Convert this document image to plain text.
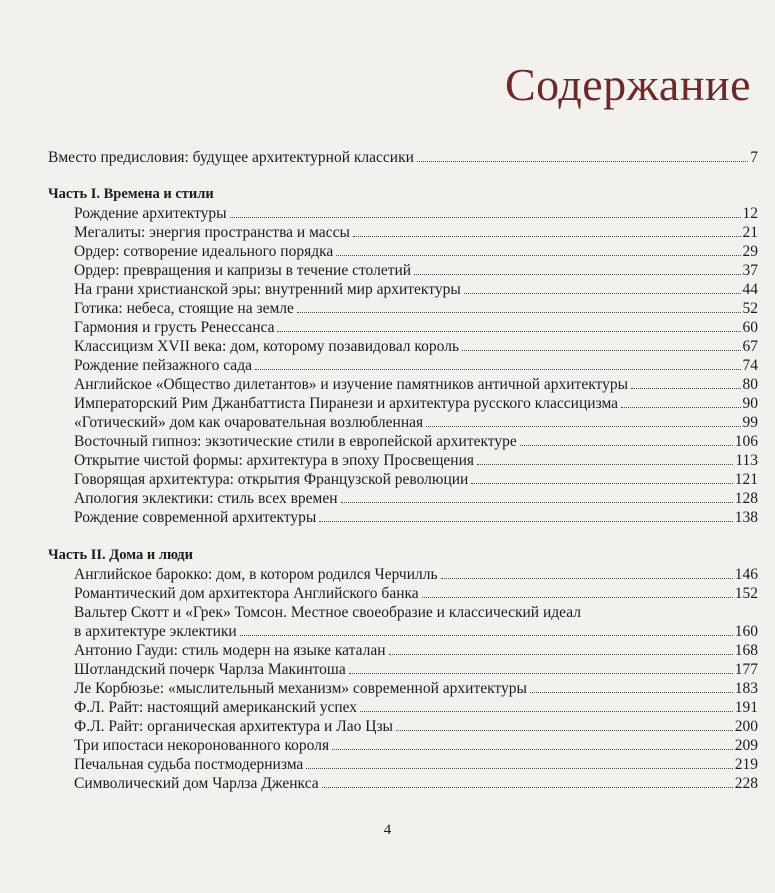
Содержание
Вместо предисловия: будущее архитектурной классики	7
Часть I. Времена и стили
Рождение архитектуры	12
Мегалиты: энергия пространства и массы	21
Ордер: сотворение идеального порядка	29
Ордер: превращения и капризы в течение столетий	37
На грани христианской эры: внутренний мир архитектуры	44
Готика: небеса, стоящие на земле	52
Гармония и грусть Ренессанса	60
Классицизм XVII века: дом, которому позавидовал король	67
Рождение пейзажного сада	74
Английское «Общество дилетантов» и изучение памятников античной архитектуры	80
Императорский Рим Джанбаттиста Пиранези и архитектура русского классицизма	90
«Готический» дом как очаровательная возлюбленная	99
Восточный гипноз: экзотические стили в европейской архитектуре	106
Открытие чистой формы: архитектура в эпоху Просвещения	113
Говорящая архитектура: открытия Французской революции	121
Апология эклектики: стиль всех времен	128
Рождение современной архитектуры	138
Часть II. Дома и люди
Английское барокко: дом, в котором родился Черчилль	146
Романтический дом архитектора Английского банка	152
Вальтер Скотт и «Грек» Томсон. Местное своеобразие и классический идеал
в архитектуре эклектики	160
Антонио Гауди: стиль модерн на языке каталан	168
Шотландский почерк Чарлза Макинтоша	177
Ле Корбюзье: «мыслительный механизм» современной архитектуры	183
Ф.Л. Райт: настоящий американский успех	191
Ф.Л. Райт: органическая архитектура и Лао Цзы	200
Три ипостаси некоронованного короля	209
Печальная судьба постмодернизма	219
Символический дом Чарлза Дженкса	228
4
